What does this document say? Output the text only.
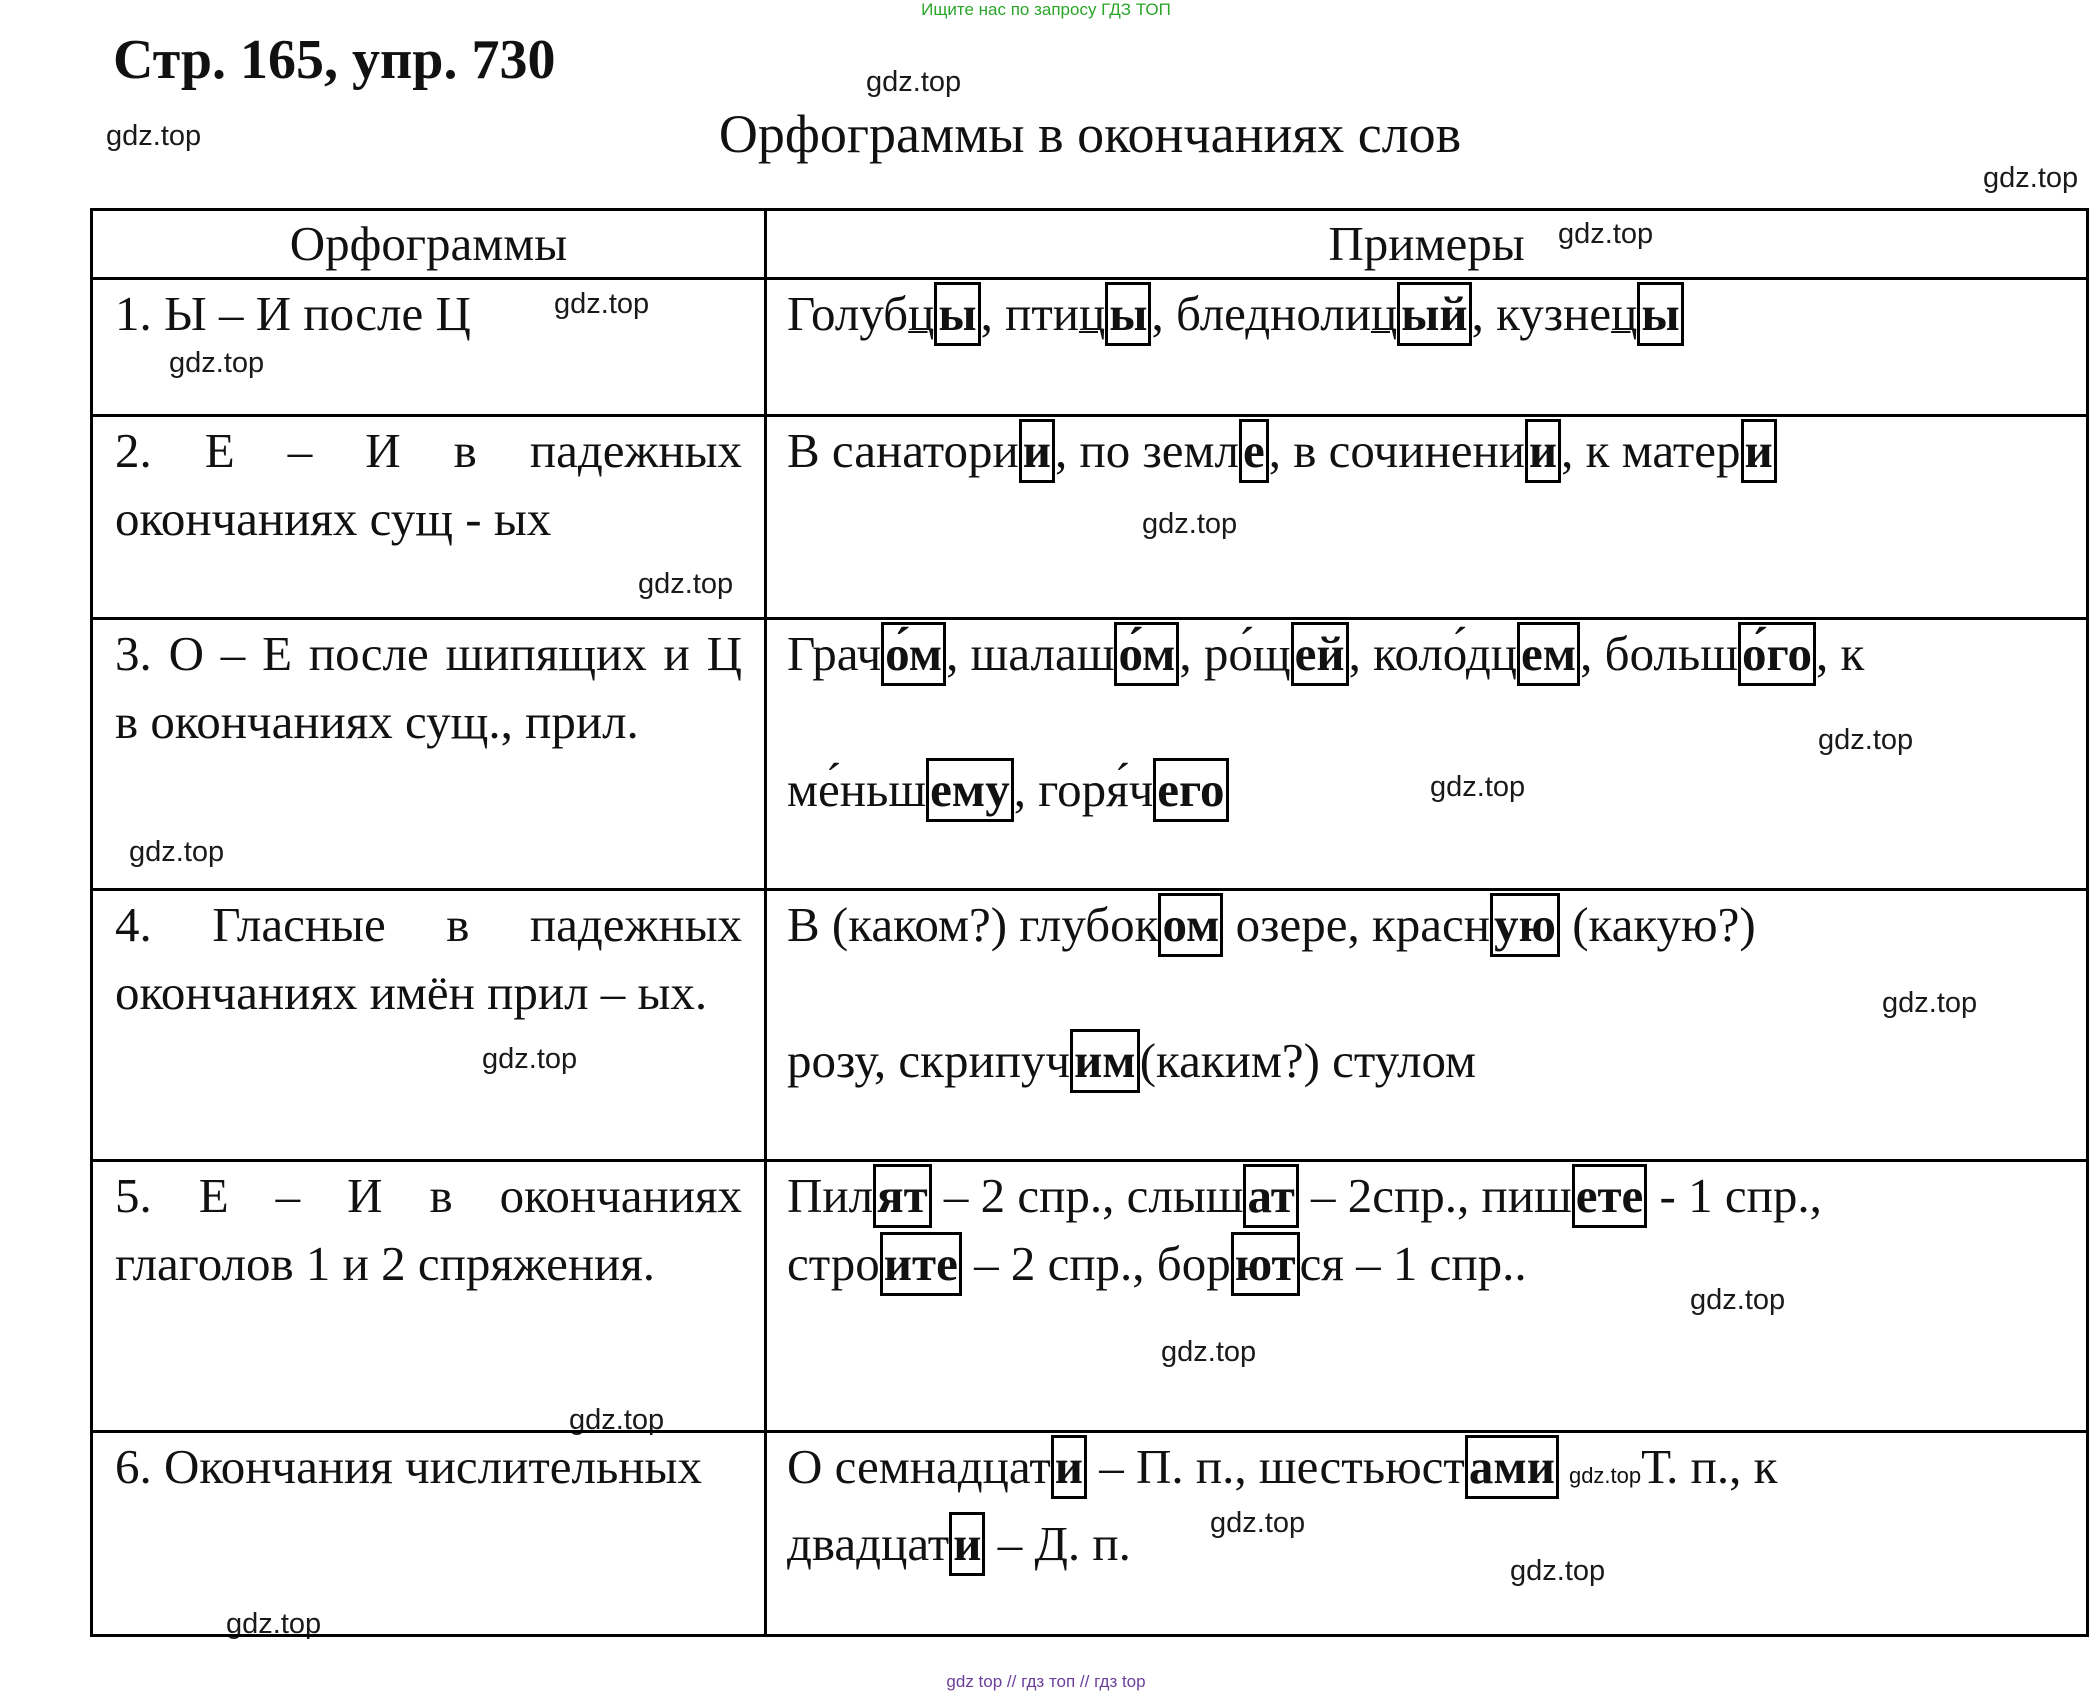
Ищите нас по запросу ГДЗ ТОП
Стр. 165, упр. 730
Орфограммы в окончаниях слов
gdz.top
gdz.top
gdz.top
gdz.top
gdz.top
gdz.top
gdz.top
gdz.top
gdz.top
gdz.top
gdz.top
gdz.top
gdz.top
gdz.top
gdz.top
gdz.top
gdz.top
gdz.top
gdz.top
Орфограммы	Примеры
1. Ы – И после Ц	Голубцы, птицы, бледнолицый, кузнецы

2. Е – И в падежных окончаниях сущ - ых	В санатории, по земле, в сочинении, к матери

3. О – Е после шипящих и Ц в окончаниях сущ., прил.	Грачо́м, шалашо́м, ро́щей, коло́дцем, большо́го, к
ме́ньшему, горя́чего

4. Гласные в падежных окончаниях имён прил – ых.	В (каком?) глубоком озере, красную (какую?)
розу, скрипучим(каким?) стулом

5. Е – И в окончаниях глаголов 1 и 2 спряжения.	Пилят – 2 спр., слышат – 2спр., пишете - 1 спр.,
строите – 2 спр., борются – 1 спр..

6. Окончания числительных	О семнадцати – П. п., шестьюстами gdz.topТ. п., к
двадцати – Д. п.
gdz top // гдз топ // гдз top
